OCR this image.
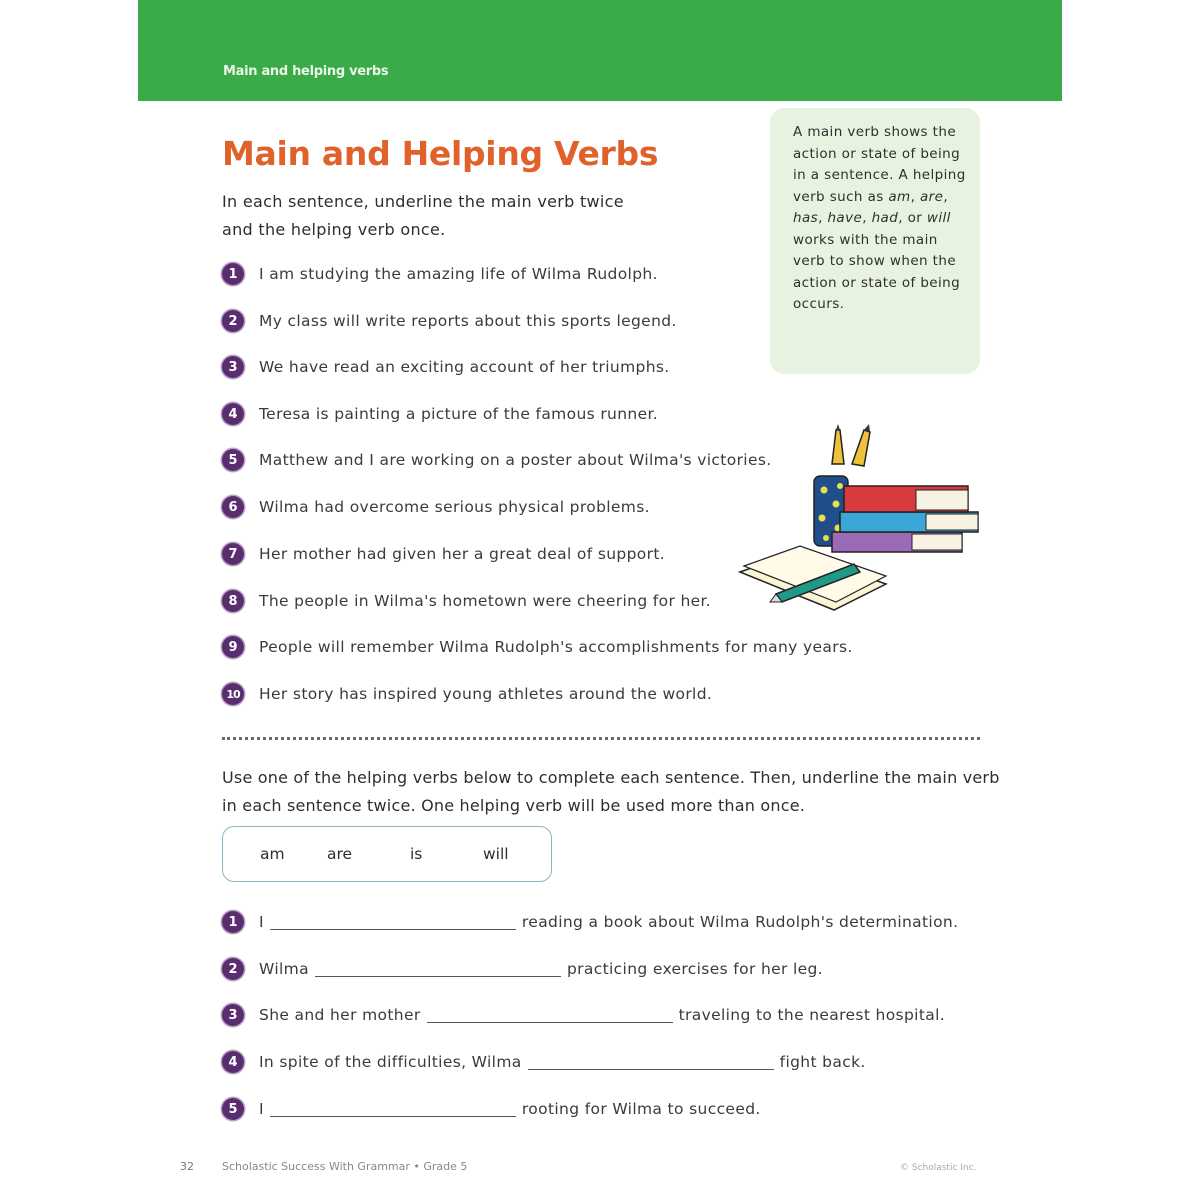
Main and helping verbs
Main and Helping Verbs
In each sentence, underline the main verb twice and the helping verb once.
A main verb shows the action or state of being in a sentence. A helping verb such as am, are, has, have, had, or will works with the main verb to show when the action or state of being occurs.
1	I am studying the amazing life of Wilma Rudolph.
2	My class will write reports about this sports legend.
3	We have read an exciting account of her triumphs.
4	Teresa is painting a picture of the famous runner.
5	Matthew and I are working on a poster about Wilma's victories.
6	Wilma had overcome serious physical problems.
7	Her mother had given her a great deal of support.
8	The people in Wilma's hometown were cheering for her.
9	People will remember Wilma Rudolph's accomplishments for many years.
10 Her story has inspired young athletes around the world.
Use one of the helping verbs below to complete each sentence. Then, underline the main verb in each sentence twice. One helping verb will be used more than once.
am	are	is	will
1	I	reading a book about Wilma Rudolph's determination.
2	Wilma	practicing exercises for her leg.
3	She and her mother	traveling to the nearest hospital.
4	In spite of the difficulties, Wilma	fight back.
5	I	rooting for Wilma to succeed.
32	Scholastic Success With Grammar • Grade 5	© Scholastic Inc.
